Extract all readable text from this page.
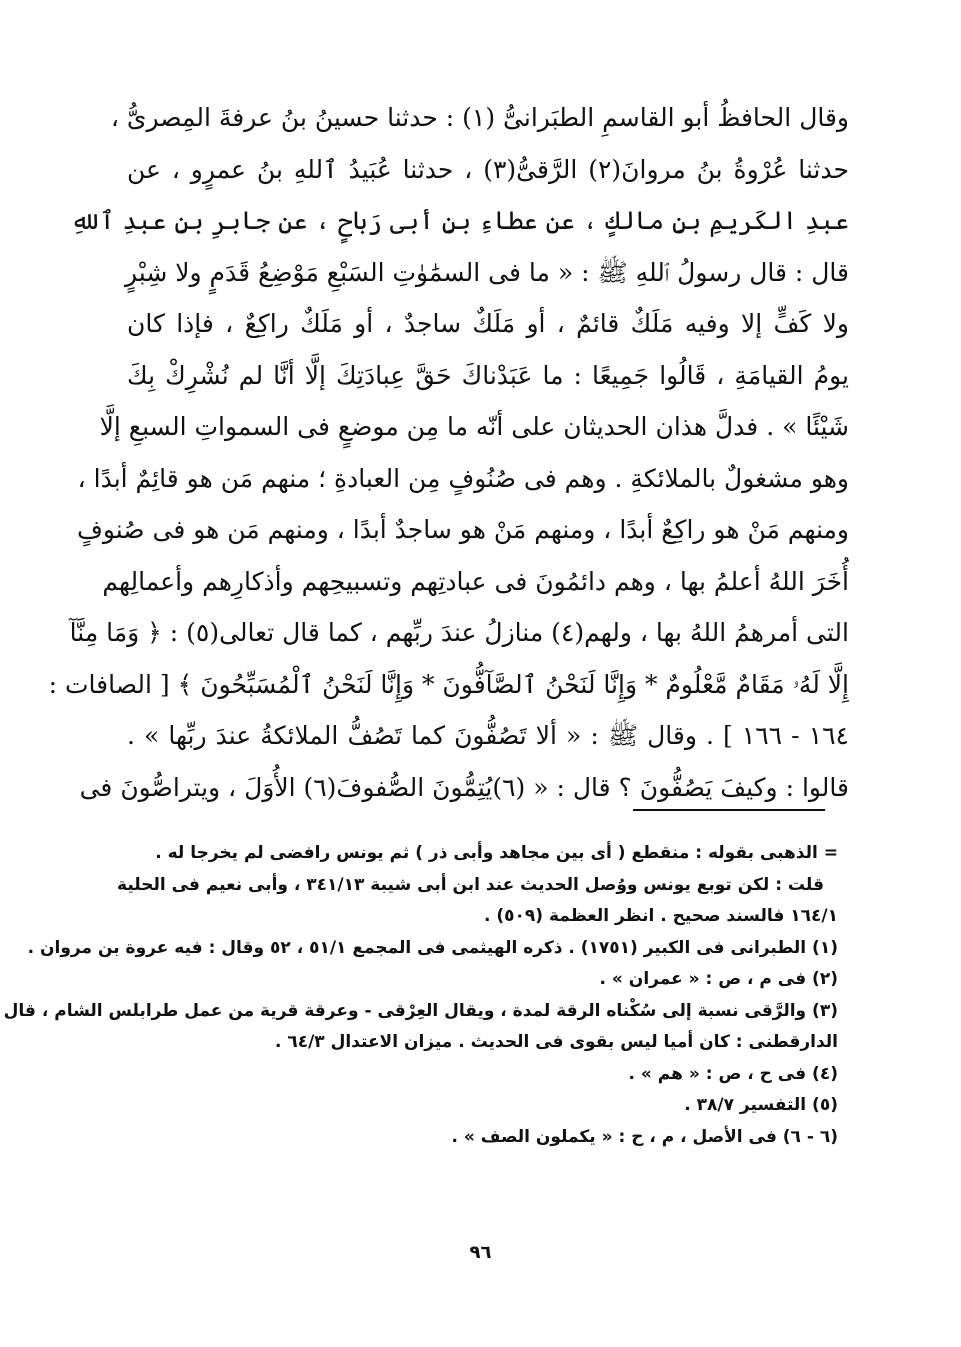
وقال الحافظُ أبو القاسمِ الطبَرانىُّ (١) : حدثنا حسينُ بنُ عرفةَ المِصرىُّ ،
حدثنا عُرْوةُ بنُ مروانَ(٢) الرَّقىُّ(٣) ، حدثنا عُبَيدُ ٱللهِ بنُ عمرٍو ، عن
عبدِ الكَريمِ بنِ مالكٍ ، عن عطاءِ بنِ أبى رَباحٍ ، عن جابرِ بنِ عبدِ ٱللهِ
قال : قال رسولُ ٱللهِ ﷺ : « ما فى السمَٰوٰتِ السَبْعِ مَوْضِعُ قَدَمٍ ولا شِبْرٍ
ولا كَفٍّ إلا وفيه مَلَكٌ قائمٌ ، أو مَلَكٌ ساجدٌ ، أو مَلَكٌ راكِعٌ ، فإذا كان
يومُ القيامَةِ ، قَالُوا جَمِيعًا : ما عَبَدْناكَ حَقَّ عِبادَتِكَ إلَّا أنَّا لم نُشْرِكْ بِكَ
شَيْئًا » . فدلَّ هذان الحديثان على أنّه ما مِن موضعٍ فى السمواتِ السبعِ إلَّا
وهو مشغولٌ بالملائكةِ . وهم فى صُنُوفٍ مِن العبادةِ ؛ منهم مَن هو قائِمٌ أبدًا ،
ومنهم مَنْ هو راكِعٌ أبدًا ، ومنهم مَنْ هو ساجدٌ أبدًا ، ومنهم مَن هو فى صُنوفٍ
أُخَرَ اللهُ أعلمُ بها ، وهم دائمُونَ فى عبادتِهم وتسبيحِهم وأذكارِهم وأعمالِهم
التى أمرهمُ اللهُ بها ، ولهم(٤) منازلُ عندَ ربِّهم ، كما قال تعالى(٥) : ﴿ وَمَا مِنَّآ
إِلَّا لَهُۥ مَقَامٌ مَّعْلُومٌ * وَإِنَّا لَنَحْنُ ٱلصَّآفُّونَ * وَإِنَّا لَنَحْنُ ٱلْمُسَبِّحُونَ ﴾ [ الصافات :
١٦٤ - ١٦٦ ] . وقال ﷺ : « ألا تَصُفُّونَ كما تَصُفُّ الملائكةُ عندَ ربِّها » .
قالوا : وكيفَ يَصُفُّونَ ؟ قال : « (٦)يُتِمُّونَ الصُّفوفَ(٦) الأُوَلَ ، ويتراصُّونَ فى
= الذهبى بقوله : منقطع ( أى بين مجاهد وأبى ذر ) ثم يونس رافضى لم يخرجا له .
قلت : لكن توبع يونس ووُصل الحديث عند ابن أبى شيبة ٣٤١/١٣ ، وأبى نعيم فى الحلية
١٦٤/١ فالسند صحيح . انظر العظمة (٥٠٩) .
(١) الطبرانى فى الكبير (١٧٥١) . ذكره الهيثمى فى المجمع ٥١/١ ، ٥٢ وقال : فيه عروة بن مروان .
(٢) فى م ، ص : « عمران » .
(٣) والرَّقى نسبة إلى سُكْناه الرقة لمدة ، ويقال العِرْقى - وعرقة قرية من عمل طرابلس الشام ، قال
الدارقطنى : كان أميا ليس بقوى فى الحديث . ميزان الاعتدال ٦٤/٣ .
(٤) فى ح ، ص : « هم » .
(٥) التفسير ٣٨/٧ .
(٦ - ٦) فى الأصل ، م ، ح : « يكملون الصف » .
٩٦
